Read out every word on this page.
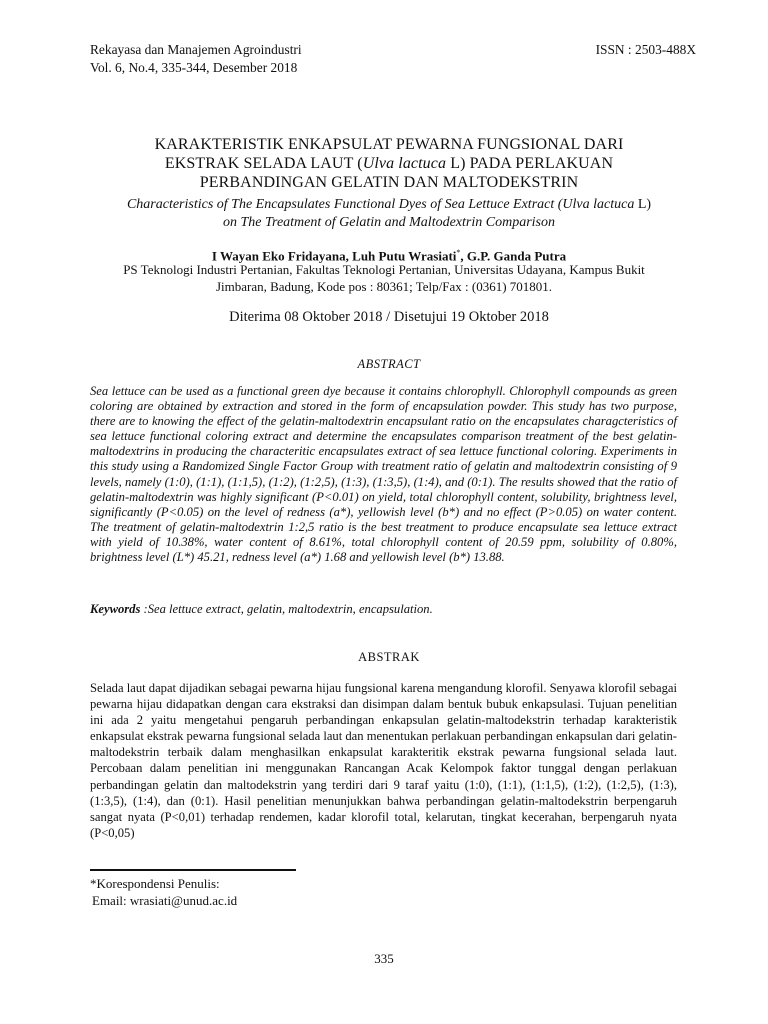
Rekayasa dan Manajemen Agroindustri
Vol. 6, No.4, 335-344, Desember 2018
ISSN : 2503-488X
KARAKTERISTIK ENKAPSULAT PEWARNA FUNGSIONAL DARI
EKSTRAK SELADA LAUT (Ulva lactuca L) PADA PERLAKUAN
PERBANDINGAN GELATIN DAN MALTODEKSTRIN
Characteristics of The Encapsulates Functional Dyes of Sea Lettuce Extract (Ulva lactuca L)
on The Treatment of Gelatin and Maltodextrin Comparison
I Wayan Eko Fridayana, Luh Putu Wrasiati*, G.P. Ganda Putra
PS Teknologi Industri Pertanian, Fakultas Teknologi Pertanian, Universitas Udayana, Kampus Bukit
Jimbaran, Badung, Kode pos : 80361; Telp/Fax : (0361) 701801.
Diterima 08 Oktober 2018 / Disetujui 19 Oktober 2018
ABSTRACT
Sea lettuce can be used as a functional green dye because it contains chlorophyll. Chlorophyll compounds as green coloring are obtained by extraction and stored in the form of encapsulation powder. This study has two purpose, there are to knowing the effect of the gelatin-maltodextrin encapsulant ratio on the encapsulates charagcteristics of sea lettuce functional coloring extract and determine the encapsulates comparison treatment of the best gelatin-maltodextrins in producing the characteritic encapsulates extract of sea lettuce functional coloring. Experiments in this study using a Randomized Single Factor Group with treatment ratio of gelatin and maltodextrin consisting of 9 levels, namely (1:0), (1:1), (1:1,5), (1:2), (1:2,5), (1:3), (1:3,5), (1:4), and (0:1). The results showed that the ratio of gelatin-maltodextrin was highly significant (P<0.01) on yield, total chlorophyll content, solubility, brightness level, significantly (P<0.05) on the level of redness (a*), yellowish level (b*) and no effect (P>0.05) on water content. The treatment of gelatin-maltodextrin 1:2,5 ratio is the best treatment to produce encapsulate sea lettuce extract with yield of 10.38%, water content of 8.61%, total chlorophyll content of 20.59 ppm, solubility of 0.80%, brightness level (L*) 45.21, redness level (a*) 1.68 and yellowish level (b*) 13.88.
Keywords :Sea lettuce extract, gelatin, maltodextrin, encapsulation.
ABSTRAK
Selada laut dapat dijadikan sebagai pewarna hijau fungsional karena mengandung klorofil. Senyawa klorofil sebagai pewarna hijau didapatkan dengan cara ekstraksi dan disimpan dalam bentuk bubuk enkapsulasi. Tujuan penelitian ini ada 2 yaitu mengetahui pengaruh perbandingan enkapsulan gelatin-maltodekstrin terhadap karakteristik enkapsulat ekstrak pewarna fungsional selada laut dan menentukan perlakuan perbandingan enkapsulan dari gelatin-maltodekstrin terbaik dalam menghasilkan enkapsulat karakteritik ekstrak pewarna fungsional selada laut. Percobaan dalam penelitian ini menggunakan Rancangan Acak Kelompok faktor tunggal dengan perlakuan perbandingan gelatin dan maltodekstrin yang terdiri dari 9 taraf yaitu (1:0), (1:1), (1:1,5), (1:2), (1:2,5), (1:3), (1:3,5), (1:4), dan (0:1). Hasil penelitian menunjukkan bahwa perbandingan gelatin-maltodekstrin berpengaruh sangat nyata (P<0,01) terhadap rendemen, kadar klorofil total, kelarutan, tingkat kecerahan, berpengaruh nyata (P<0,05)
*Korespondensi Penulis:
Email: wrasiati@unud.ac.id
335
